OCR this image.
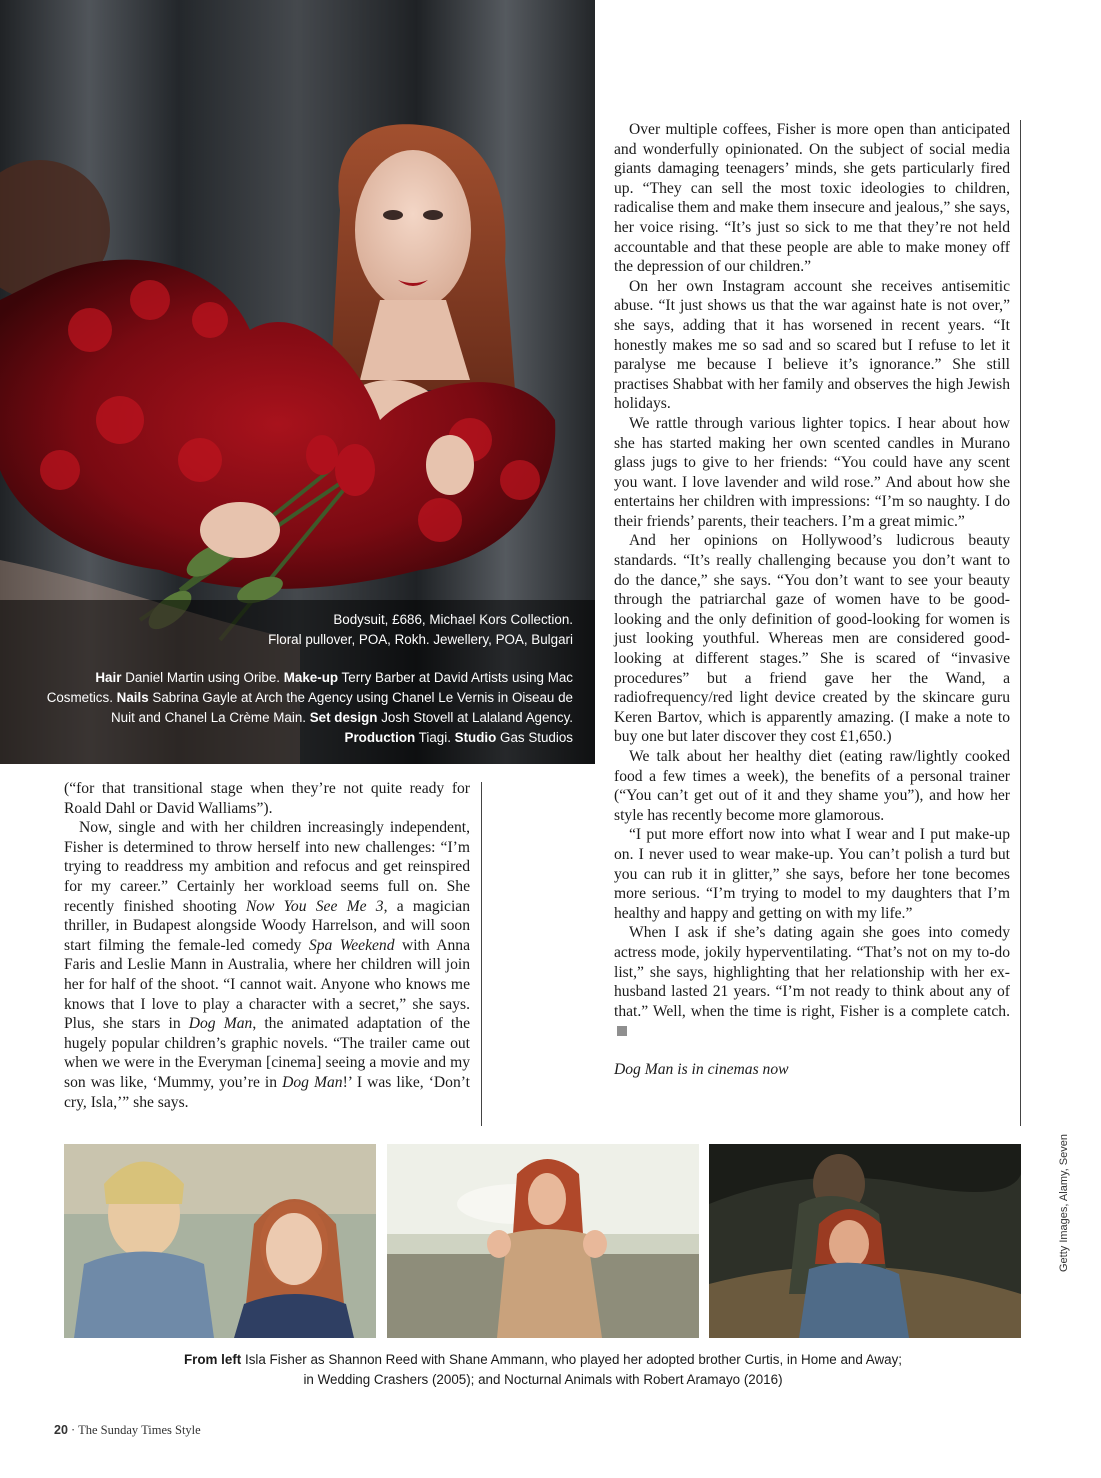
Bodysuit, £686, Michael Kors Collection.
Floral pullover, POA, Rokh. Jewellery, POA, Bulgari
Hair Daniel Martin using Oribe. Make-up Terry Barber at David Artists using Mac Cosmetics. Nails Sabrina Gayle at Arch the Agency using Chanel Le Vernis in Oiseau de Nuit and Chanel La Crème Main. Set design Josh Stovell at Lalaland Agency. Production Tiagi. Studio Gas Studios

(“for that transitional stage when they’re not quite ready for Roald Dahl or David Walliams”).

Now, single and with her children increasingly independent, Fisher is determined to throw herself into new challenges: “I’m trying to readdress my ambition and refocus and get reinspired for my career.” Certainly her workload seems full on. She recently finished shooting Now You See Me 3, a magician thriller, in Budapest alongside Woody Harrelson, and will soon start filming the female-led comedy Spa Weekend with Anna Faris and Leslie Mann in Australia, where her children will join her for half of the shoot. “I cannot wait. Anyone who knows me knows that I love to play a character with a secret,” she says. Plus, she stars in Dog Man, the animated adaptation of the hugely popular children’s graphic novels. “The trailer came out when we were in the Everyman [cinema] seeing a movie and my son was like, ‘Mummy, you’re in Dog Man!’ I was like, ‘Don’t cry, Isla,’” she says.

Over multiple coffees, Fisher is more open than anticipated and wonderfully opinionated. On the subject of social media giants damaging teenagers’ minds, she gets particularly fired up. “They can sell the most toxic ideologies to children, radicalise them and make them insecure and jealous,” she says, her voice rising. “It’s just so sick to me that they’re not held accountable and that these people are able to make money off the depression of our children.”

On her own Instagram account she receives antisemitic abuse. “It just shows us that the war against hate is not over,” she says, adding that it has worsened in recent years. “It honestly makes me so sad and so scared but I refuse to let it paralyse me because I believe it’s ignorance.” She still practises Shabbat with her family and observes the high Jewish holidays.

We rattle through various lighter topics. I hear about how she has started making her own scented candles in Murano glass jugs to give to her friends: “You could have any scent you want. I love lavender and wild rose.” And about how she entertains her children with impressions: “I’m so naughty. I do their friends’ parents, their teachers. I’m a great mimic.”

And her opinions on Hollywood’s ludicrous beauty standards. “It’s really challenging because you don’t want to do the dance,” she says. “You don’t want to see your beauty through the patriarchal gaze of women have to be good-looking and the only definition of good-looking for women is just looking youthful. Whereas men are considered good-looking at different stages.” She is scared of “invasive procedures” but a friend gave her the Wand, a radiofrequency/red light device created by the skincare guru Keren Bartov, which is apparently amazing. (I make a note to buy one but later discover they cost £1,650.)

We talk about her healthy diet (eating raw/lightly cooked food a few times a week), the benefits of a personal trainer (“You can’t get out of it and they shame you”), and how her style has recently become more glamorous.

“I put more effort now into what I wear and I put make-up on. I never used to wear make-up. You can’t polish a turd but you can rub it in glitter,” she says, before her tone becomes more serious. “I’m trying to model to my daughters that I’m healthy and happy and getting on with my life.”

When I ask if she’s dating again she goes into comedy actress mode, jokily hyperventilating. “That’s not on my to-do list,” she says, highlighting that her relationship with her ex-husband lasted 21 years. “I’m not ready to think about any of that.” Well, when the time is right, Fisher is a complete catch.

Dog Man is in cinemas now

From left Isla Fisher as Shannon Reed with Shane Ammann, who played her adopted brother Curtis, in Home and Away;
in Wedding Crashers (2005); and Nocturnal Animals with Robert Aramayo (2016)
Getty Images, Alamy, Seven
20 · The Sunday Times Style
